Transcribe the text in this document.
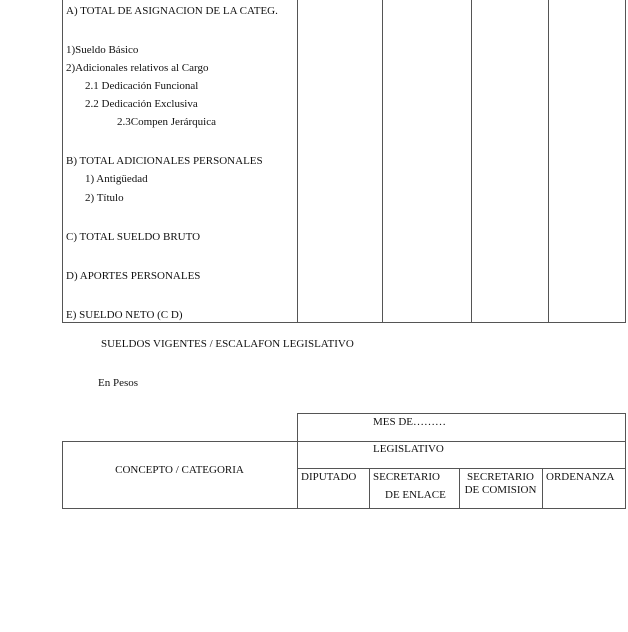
A) TOTAL DE ASIGNACION DE LA CATEG.
1)Sueldo Básico
2)Adicionales relativos al Cargo
2.1 Dedicación Funcional
2.2 Dedicación Exclusiva
2.3Compen Jerárquica
B) TOTAL ADICIONALES PERSONALES
1) Antigüedad
2) Título
C) TOTAL SUELDO BRUTO
D) APORTES PERSONALES
E) SUELDO NETO (C D)
SUELDOS VIGENTES / ESCALAFON LEGISLATIVO
En Pesos
MES DE………
LEGISLATIVO
CONCEPTO / CATEGORIA
DIPUTADO SECRETARIO
DE ENLACE
SECRETARIO
DE COMISION
ORDENANZA
